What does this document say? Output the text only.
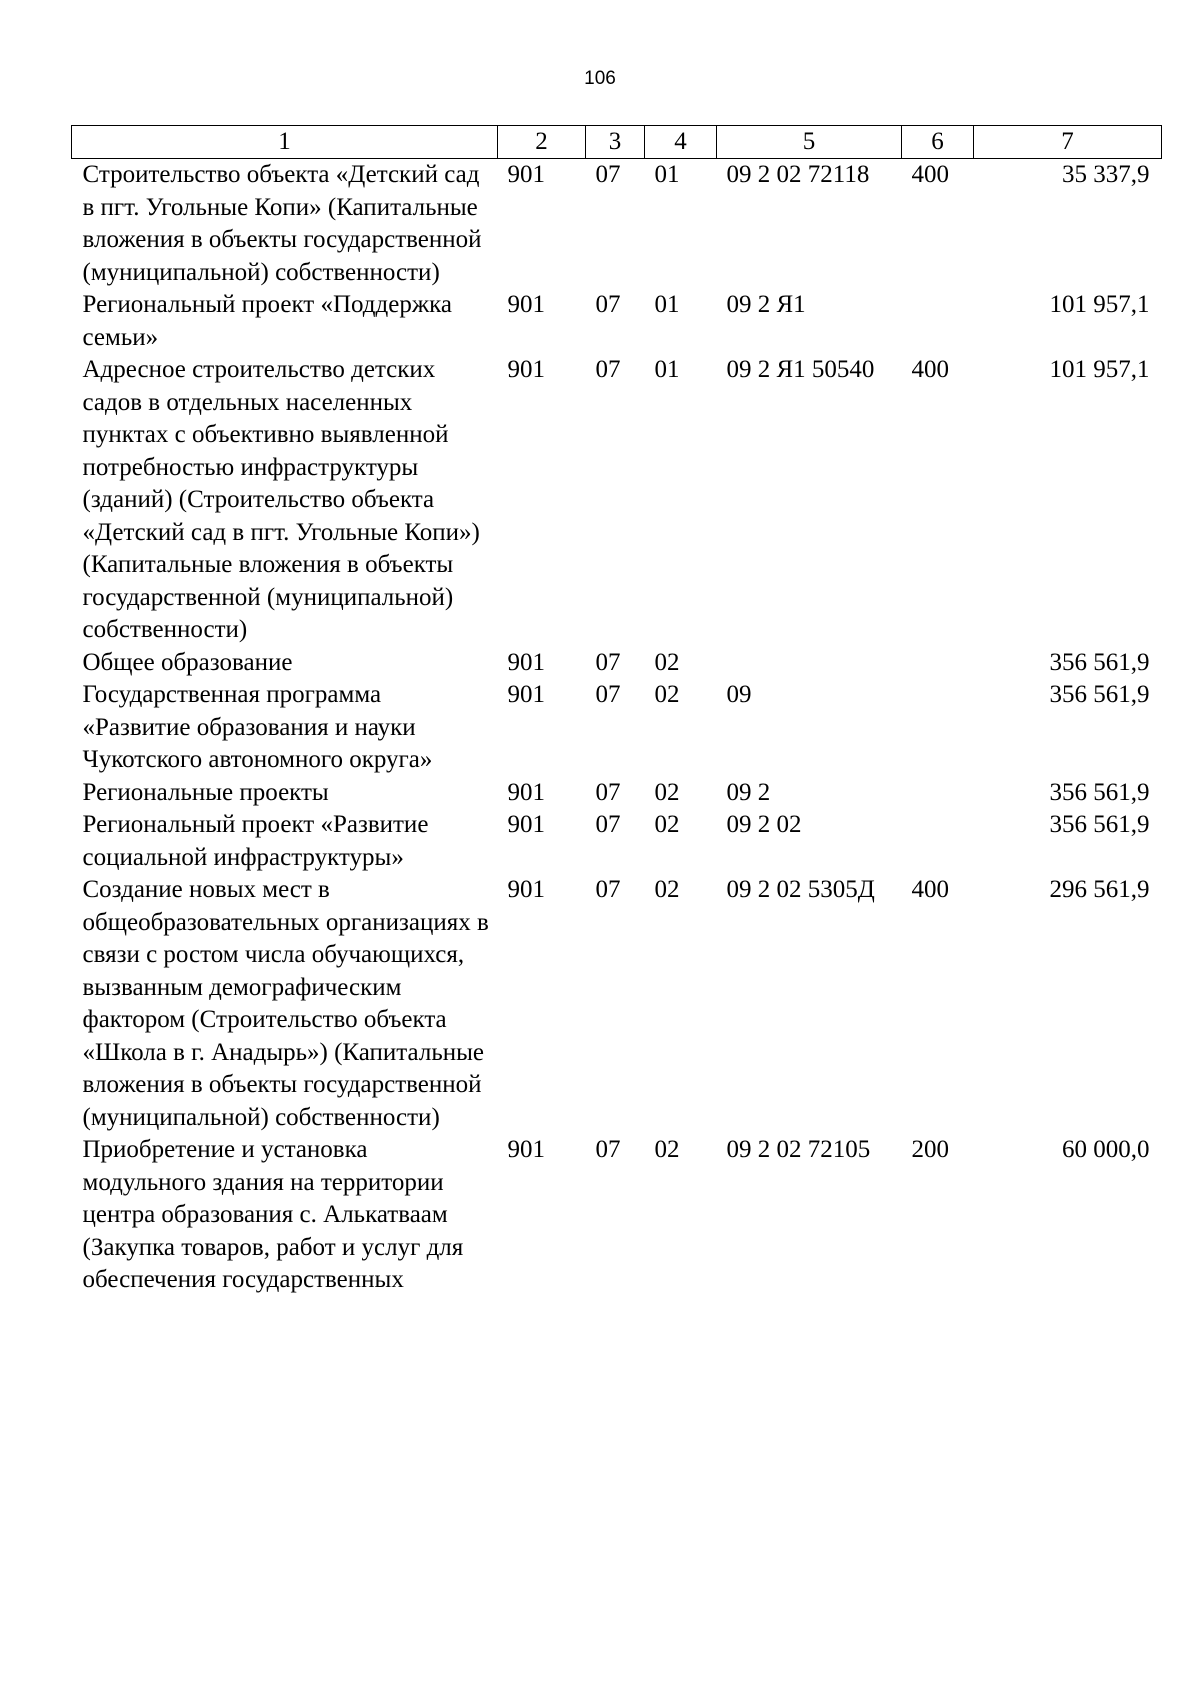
106
1	2	3	4	5	6	7
Строительство объекта «Детский сад в пгт. Угольные Копи» (Капитальные вложения в объекты государственной (муниципальной) собственности)	901	07	01	09 2 02 72118	400	35 337,9
Региональный проект «Поддержка семьи»	901	07	01	09 2 Я1		101 957,1
Адресное строительство детских садов в отдельных населенных пунктах с объективно выявленной потребностью инфраструктуры (зданий) (Строительство объекта «Детский сад в пгт. Угольные Копи») (Капитальные вложения в объекты государственной (муниципальной) собственности)	901	07	01	09 2 Я1 50540	400	101 957,1
Общее образование	901	07	02			356 561,9
Государственная программа «Развитие образования и науки Чукотского автономного округа»	901	07	02	09		356 561,9
Региональные проекты	901	07	02	09 2		356 561,9
Региональный проект «Развитие социальной инфраструктуры»	901	07	02	09 2 02		356 561,9
Создание новых мест в общеобразовательных организациях в связи с ростом числа обучающихся, вызванным демографическим фактором (Строительство объекта «Школа в г. Анадырь») (Капитальные вложения в объекты государственной (муниципальной) собственности)	901	07	02	09 2 02 5305Д	400	296 561,9
Приобретение и установка модульного здания на территории центра образования с. Алькатваам (Закупка товаров, работ и услуг для обеспечения государственных	901	07	02	09 2 02 72105	200	60 000,0
